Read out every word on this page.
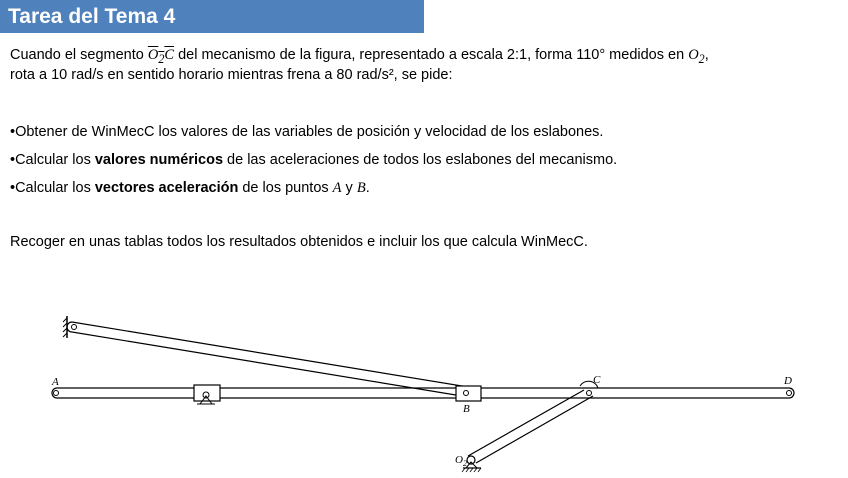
Tarea del Tema 4
Cuando el segmento $O_2C$ del mecanismo de la figura, representado a escala 2:1, forma 110° medidos en $O_2$,
rota a 10 rad/s en sentido horario mientras frena a 80 rad/s², se pide:
•Obtener de WinMecC los valores de las variables de posición y velocidad de los eslabones.
•Calcular los valores numéricos de las aceleraciones de todos los eslabones del mecanismo.
•Calcular los vectores aceleración de los puntos A y B.
Recoger en unas tablas todos los resultados obtenidos e incluir los que calcula WinMecC.
A
B
C	D
$O_2$
